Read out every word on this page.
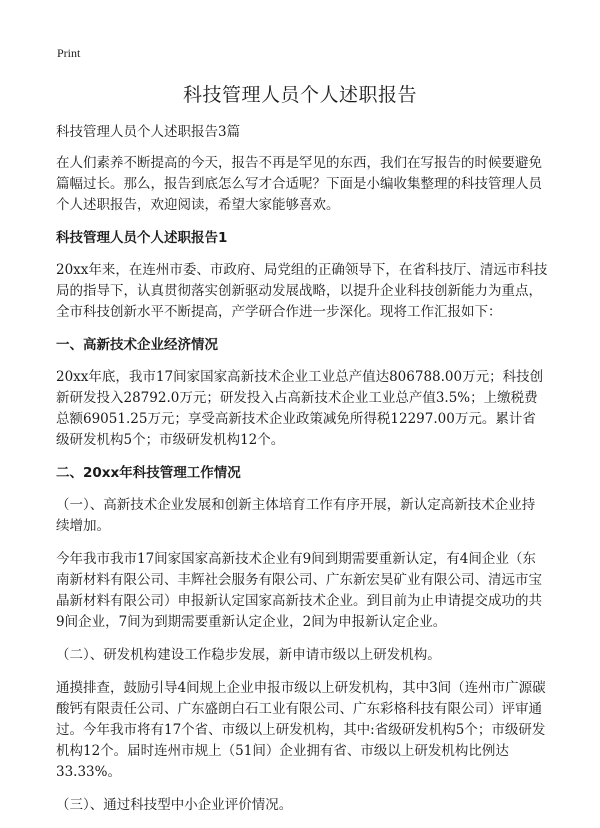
Print
科技管理人员个人述职报告

科技管理人员个人述职报告3篇

在人们素养不断提高的今天，报告不再是罕见的东西，我们在写报告的时候要避免篇幅过长。那么，报告到底怎么写才合适呢？下面是小编收集整理的科技管理人员个人述职报告，欢迎阅读，希望大家能够喜欢。

科技管理人员个人述职报告1

20xx年来，在连州市委、市政府、局党组的正确领导下，在省科技厅、清远市科技局的指导下，认真贯彻落实创新驱动发展战略，以提升企业科技创新能力为重点，全市科技创新水平不断提高，产学研合作进一步深化。现将工作汇报如下：

一、高新技术企业经济情况

20xx年底，我市17间家国家高新技术企业工业总产值达806788.00万元；科技创新研发投入28792.0万元；研发投入占高新技术企业工业总产值3.5%；上缴税费总额69051.25万元；享受高新技术企业政策减免所得税12297.00万元。累计省级研发机构5个；市级研发机构12个。

二、20xx年科技管理工作情况

（一）、高新技术企业发展和创新主体培育工作有序开展，新认定高新技术企业持续增加。

今年我市我市17间家国家高新技术企业有9间到期需要重新认定，有4间企业（东南新材料有限公司、丰辉社会服务有限公司、广东新宏昊矿业有限公司、清远市宝晶新材料有限公司）申报新认定国家高新技术企业。到目前为止申请提交成功的共9间企业，7间为到期需要重新认定企业，2间为申报新认定企业。

（二）、研发机构建设工作稳步发展，新申请市级以上研发机构。

通摸排查，鼓励引导4间规上企业申报市级以上研发机构，其中3间（连州市广源碳酸钙有限责任公司、广东盛朗白石工业有限公司、广东彩格科技有限公司）评审通过。今年我市将有17个省、市级以上研发机构，其中:省级研发机构5个；市级研发机构12个。届时连州市规上（51间）企业拥有省、市级以上研发机构比例达33.33%。

（三）、通过科技型中小企业评价情况。
